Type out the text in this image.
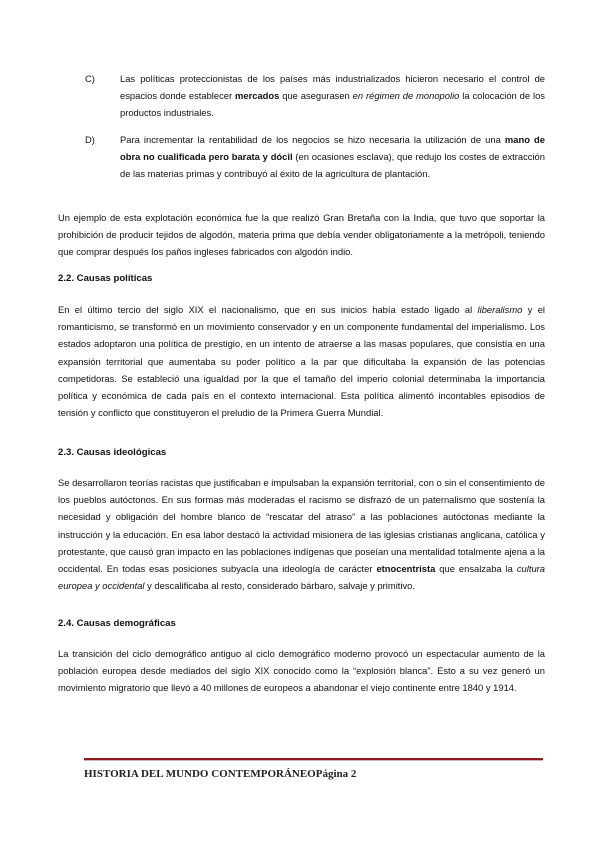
C)	Las políticas proteccionistas de los países más industrializados hicieron necesario el control de espacios donde establecer mercados que asegurasen en régimen de monopolio la colocación de los productos industriales.
D)	Para incrementar la rentabilidad de los negocios se hizo necesaria la utilización de una mano de obra no cualificada pero barata y dócil (en ocasiones esclava), que redujo los costes de extracción de las materias primas y contribuyó al éxito de la agricultura de plantación.
Un ejemplo de esta explotación económica fue la que realizó Gran Bretaña con la India, que tuvo que soportar la prohibición de producir tejidos de algodón, materia prima que debía vender obligatoriamente a la metrópoli, teniendo que comprar después los paños ingleses fabricados con algodón indio.
2.2. Causas políticas
En el último tercio del siglo XIX el nacionalismo, que en sus inicios había estado ligado al liberalismo y el romanticismo, se transformó en un movimiento conservador y en un componente fundamental del imperialismo. Los estados adoptaron una política de prestigio, en un intento de atraerse a las masas populares, que consistía en una expansión territorial que aumentaba su poder político a la par que dificultaba la expansión de las potencias competidoras. Se estableció una igualdad por la que el tamaño del imperio colonial determinaba la importancia política y económica de cada país en el contexto internacional. Esta política alimentó incontables episodios de tensión y conflicto que constituyeron el preludio de la Primera Guerra Mundial.
2.3. Causas ideológicas
Se desarrollaron teorías racistas que justificaban e impulsaban la expansión territorial, con o sin el consentimiento de los pueblos autóctonos. En sus formas más moderadas el racismo se disfrazó de un paternalismo que sostenía la necesidad y obligación del hombre blanco de “rescatar del atraso” a las poblaciones autóctonas mediante la instrucción y la educación. En esa labor destacó la actividad misionera de las iglesias cristianas anglicana, católica y protestante, que causó gran impacto en las poblaciones indígenas que poseían una mentalidad totalmente ajena a la occidental. En todas esas posiciones subyacía una ideología de carácter etnocentrista que ensalzaba la cultura europea y occidental y descalificaba al resto, considerado bárbaro, salvaje y primitivo.
2.4. Causas demográficas
La transición del ciclo demográfico antiguo al ciclo demográfico moderno provocó un espectacular aumento de la población europea desde mediados del siglo XIX conocido como la “explosión blanca”. Esto a su vez generó un movimiento migratorio que llevó a 40 millones de europeos a abandonar el viejo continente entre 1840 y 1914.
HISTORIA DEL MUNDO CONTEMPORÁNEOPágina 2
